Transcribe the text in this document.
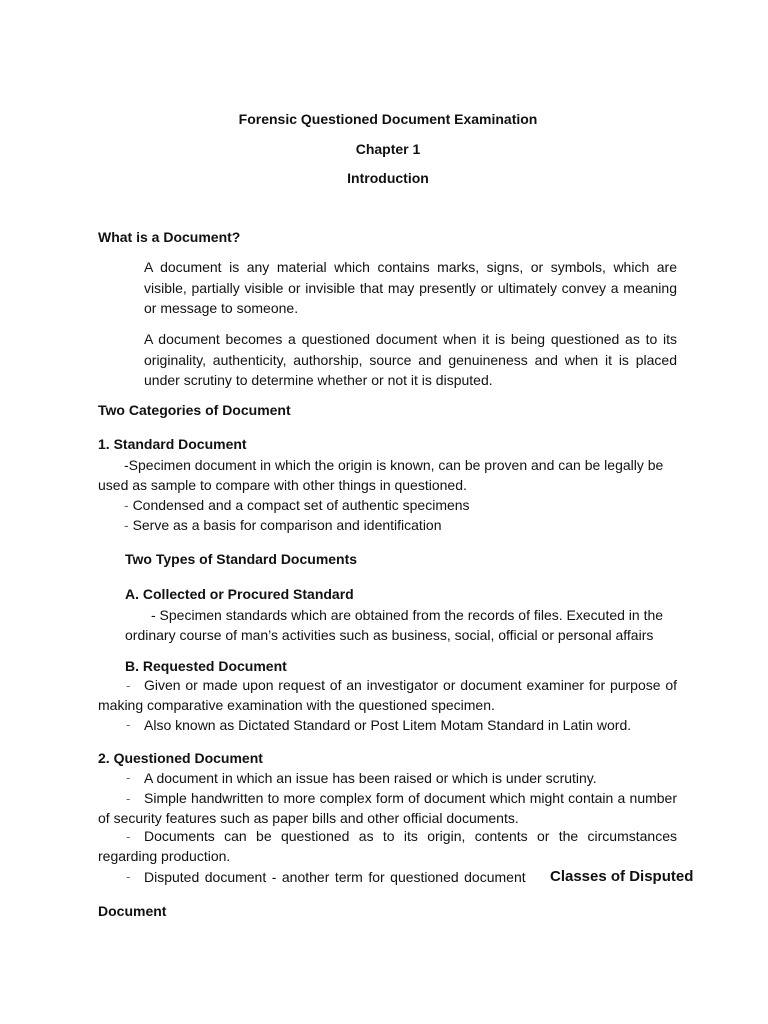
Forensic Questioned Document Examination
Chapter 1
Introduction
What is a Document?
A document is any material which contains marks, signs, or symbols, which are visible, partially visible or invisible that may presently or ultimately convey a meaning or message to someone.
A document becomes a questioned document when it is being questioned as to its originality, authenticity, authorship, source and genuineness and when it is placed under scrutiny to determine whether or not it is disputed.
Two Categories of Document
1. Standard Document
-Specimen document in which the origin is known, can be proven and can be legally be
used as sample to compare with other things in questioned.
- Condensed and a compact set of authentic specimens
- Serve as a basis for comparison and identification
Two Types of Standard Documents
A. Collected or Procured Standard
- Specimen standards which are obtained from the records of files. Executed in the
ordinary course of man’s activities such as business, social, official or personal affairs
B. Requested Document
- Given or made upon request of an investigator or document examiner for purpose of making comparative examination with the questioned specimen.
- Also known as Dictated Standard or Post Litem Motam Standard in Latin word.
2. Questioned Document
- A document in which an issue has been raised or which is under scrutiny.
- Simple handwritten to more complex form of document which might contain a number of security features such as paper bills and other official documents.
- Documents can be questioned as to its origin, contents or the circumstances regarding production.
- Disputed document - another term for questioned document	Classes of Disputed
Document
